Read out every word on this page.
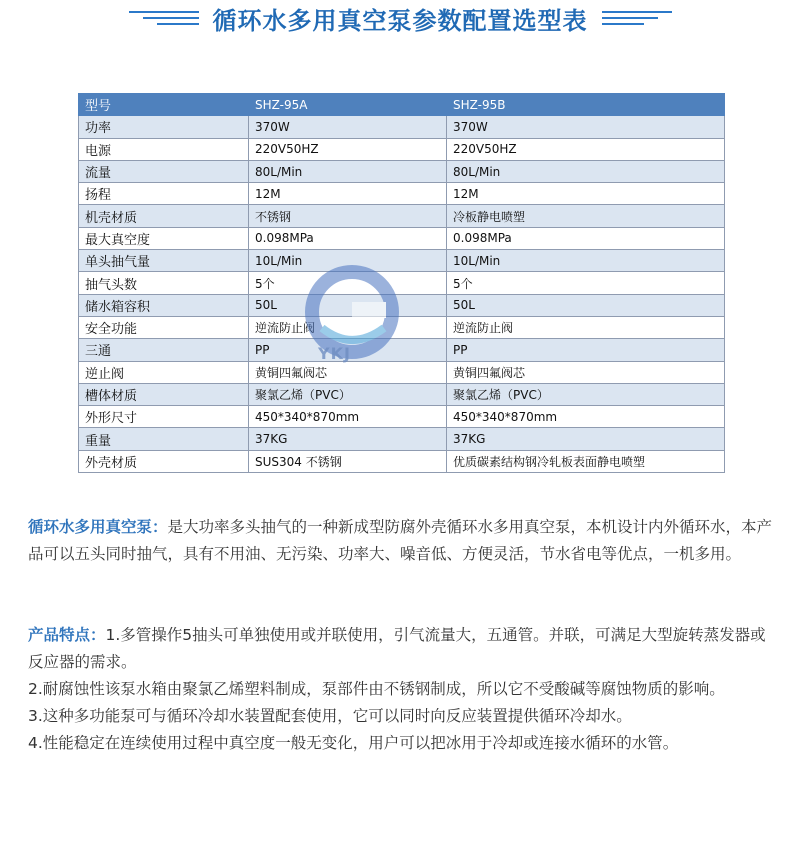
循环水多用真空泵参数配置选型表
型号	SHZ-95A	SHZ-95B
功率	370W	370W
电源	220V50HZ	220V50HZ
流量	80L/Min	80L/Min
扬程	12M	12M
机壳材质	不锈钢	冷板静电喷塑
最大真空度	0.098MPa	0.098MPa
单头抽气量	10L/Min	10L/Min
抽气头数	5个	5个
储水箱容积	50L	50L
安全功能	逆流防止阀	逆流防止阀
三通	PP	PP
逆止阀	黄铜四氟阀芯	黄铜四氟阀芯
槽体材质	聚氯乙烯（PVC）	聚氯乙烯（PVC）
外形尺寸	450*340*870mm	450*340*870mm
重量	37KG	37KG
外壳材质	SUS304 不锈钢	优质碳素结构钢冷轧板表面静电喷塑
YKJ
循环水多用真空泵：是大功率多头抽气的一种新成型防腐外壳循环水多用真空泵，本机设计内外循环水，本产品可以五头同时抽气，具有不用油、无污染、功率大、噪音低、方便灵活，节水省电等优点，一机多用。
产品特点：1.多管操作5抽头可单独使用或并联使用，引气流量大，五通管。并联，可满足大型旋转蒸发器或反应器的需求。
2.耐腐蚀性该泵水箱由聚氯乙烯塑料制成，泵部件由不锈钢制成，所以它不受酸碱等腐蚀物质的影响。
3.这种多功能泵可与循环冷却水装置配套使用，它可以同时向反应装置提供循环冷却水。
4.性能稳定在连续使用过程中真空度一般无变化，用户可以把冰用于冷却或连接水循环的水管。
